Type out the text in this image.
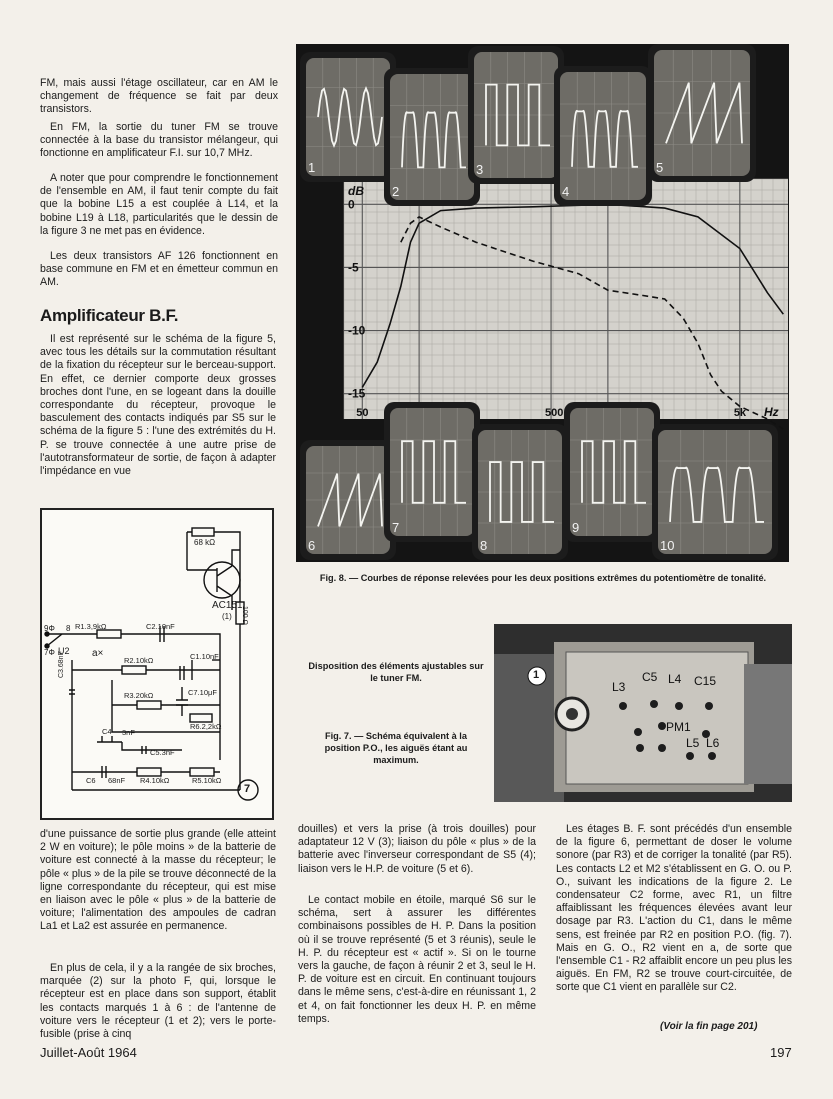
FM, mais aussi l'étage oscillateur, car en AM le changement de fréquence se fait par deux transistors.

En FM, la sortie du tuner FM se trouve connectée à la base du transistor mélangeur, qui fonctionne en amplificateur F.I. sur 10,7 MHz.

A noter que pour comprendre le fonctionnement de l'ensemble en AM, il faut tenir compte du fait que la bobine L15 a est couplée à L14, et la bobine L19 à L18, particularités que le dessin de la figure 3 ne met pas en évidence.

Les deux transistors AF 126 fonctionnent en base commune en FM et en émetteur commun en AM.

Amplificateur B.F.

Il est représenté sur le schéma de la figure 5, avec tous les détails sur la commutation résultant de la fixation du récepteur sur le berceau-support. En effet, ce dernier comporte deux grosses broches dont l'une, en se logeant dans la douille correspondante du récepteur, provoque le basculement des contacts indiqués par S5 sur le schéma de la figure 5 : l'une des extrémités du H. P. se trouve connectée à une autre prise de l'autotransformateur de sortie, de façon à adapter l'impédance en vue

50	500	5k
0
-5
-10
-15
dB
Hz
1
2
3
4
5
6
7
8
9
10
Fig. 8. — Courbes de réponse relevées pour les deux positions extrêmes du potentiomètre de tonalité.
68 kΩ
AC151
(1) 100 Ω
9Φ 8 R1.3,9kΩ	C2.10nF
7Φ U2 a×
R2.10kΩ	C1.10nF
C3.68nF
C7.10μF
R3.20kΩ
R6.2,2kΩ
C4 3nF
C5.3nF
C6 68nF R4.10kΩ	R5.10kΩ
7
Disposition des éléments ajustables sur le tuner FM.
Fig. 7. — Schéma équivalent à la position P.O., les aiguës étant au maximum.
1
L3
C5 L4 C15
PM1
L5 L6

d'une puissance de sortie plus grande (elle atteint 2 W en voiture); le pôle moins » de la batterie de voiture est connecté à la masse du récepteur; le pôle « plus » de la pile se trouve déconnecté de la ligne correspondante du récepteur, qui est mise en liaison avec le pôle « plus » de la batterie de voiture; l'alimentation des ampoules de cadran La1 et La2 est assurée en permanence.

En plus de cela, il y a la rangée de six broches, marquée (2) sur la photo F, qui, lorsque le récepteur est en place dans son support, établit les contacts marqués 1 à 6 : de l'antenne de voiture vers le récepteur (1 et 2); vers le porte-fusible (prise à cinq

douilles) et vers la prise (à trois douilles) pour adaptateur 12 V (3); liaison du pôle « plus » de la batterie avec l'inverseur correspondant de S5 (4); liaison vers le H.P. de voiture (5 et 6).

Le contact mobile en étoile, marqué S6 sur le schéma, sert à assurer les différentes combinaisons possibles de H. P. Dans la position où il se trouve représenté (5 et 3 réunis), seule le H. P. du récepteur est « actif ». Si on le tourne vers la gauche, de façon à réunir 2 et 3, seul le H. P. de voiture est en circuit. En continuant toujours dans le même sens, c'est-à-dire en réunissant 1, 2 et 4, on fait fonctionner les deux H. P. en même temps.

Les étages B. F. sont précédés d'un ensemble de la figure 6, permettant de doser le volume sonore (par R3) et de corriger la tonalité (par R5). Les contacts L2 et M2 s'établissent en G. O. ou P. O., suivant les indications de la figure 2. Le condensateur C2 forme, avec R1, un filtre affaiblissant les fréquences élevées avant leur dosage par R3. L'action du C1, dans le même sens, est freinée par R2 en position P.O. (fig. 7). Mais en G. O., R2 vient en a, de sorte que l'ensemble C1 - R2 affaiblit encore un peu plus les aiguës. En FM, R2 se trouve court-circuitée, de sorte que C1 vient en parallèle sur C2.

(Voir la fin page 201)
Juillet-Août 1964	197
